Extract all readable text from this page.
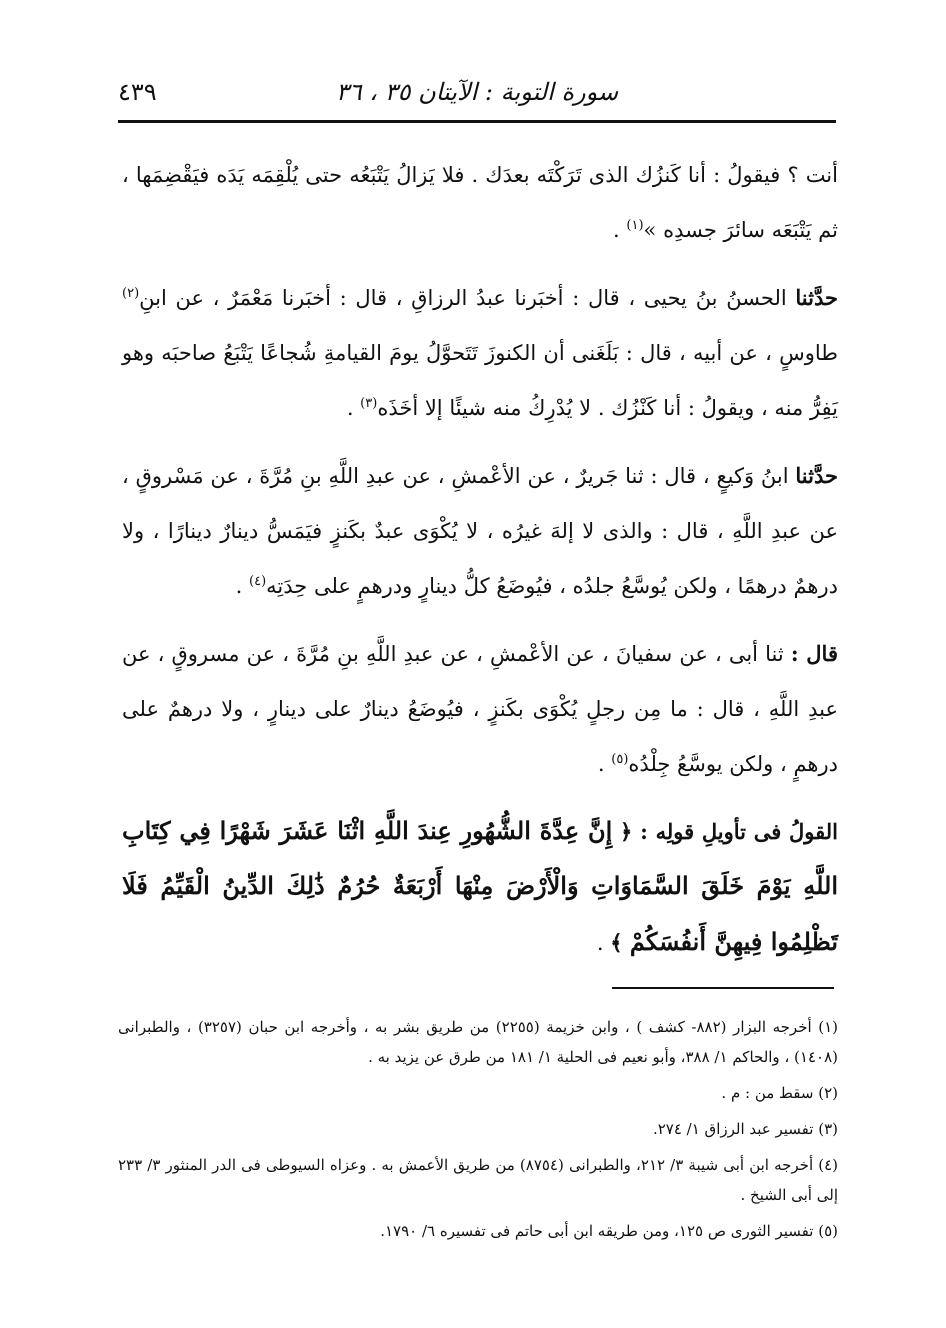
٤٣٩	سورة التوبة : الآيتان ٣٥ ، ٣٦

أنت ؟ فيقولُ : أنا كَنزُك الذى تَرَكْتَه بعدَك . فلا يَزالُ يَتْبَعُه حتى يُلْقِمَه يَدَه فيَقْضِمَها ، ثم يَتْبَعَه سائرَ جسدِه »$^{(١)}$ .

حدَّثنا الحسنُ بنُ يحيى ، قال : أخبَرنا عبدُ الرزاقِ ، قال : أخبَرنا مَعْمَرٌ ، عن ابنِ$^{(٢)}$ طاوسٍ ، عن أبيه ، قال : بَلَغَنى أن الكنوزَ تَتَحوَّلُ يومَ القيامةِ شُجاعًا يَتْبَعُ صاحبَه وهو يَفِرُّ منه ، ويقولُ : أنا كَنْزُك . لا يُدْرِكُ منه شيئًا إلا أخَذَه$^{(٣)}$ .

حدَّثنا ابنُ وَكيعٍ ، قال : ثنا جَريرٌ ، عن الأعْمشِ ، عن عبدِ اللَّهِ بنِ مُرَّةَ ، عن مَسْروقٍ ، عن عبدِ اللَّهِ ، قال : والذى لا إلهَ غيرُه ، لا يُكْوَى عبدٌ بكَنزٍ فيَمَسُّ دينارٌ دينارًا ، ولا درهمٌ درهمًا ، ولكن يُوسَّعُ جلدُه ، فيُوضَعُ كلُّ دينارٍ ودرهمٍ على حِدَتِه$^{(٤)}$ .

قال : ثنا أبى ، عن سفيانَ ، عن الأعْمشِ ، عن عبدِ اللَّهِ بنِ مُرَّةَ ، عن مسروقٍ ، عن عبدِ اللَّهِ ، قال : ما مِن رجلٍ يُكْوَى بكَنزٍ ، فيُوضَعُ دينارٌ على دينارٍ ، ولا درهمٌ على درهمٍ ، ولكن يوسَّعُ جِلْدُه$^{(٥)}$ .

القولُ فى تأويلِ قولِه : ﴿ إِنَّ عِدَّةَ الشُّهُورِ عِندَ اللَّهِ اثْنَا عَشَرَ شَهْرًا فِي كِتَابِ اللَّهِ يَوْمَ خَلَقَ السَّمَاوَاتِ وَالْأَرْضَ مِنْهَا أَرْبَعَةٌ حُرُمٌ ذَٰلِكَ الدِّينُ الْقَيِّمُ فَلَا تَظْلِمُوا فِيهِنَّ أَنفُسَكُمْ ﴾ .

(١) أخرجه البزار (٨٨٢- كشف ) ، وابن خزيمة (٢٢٥٥) من طريق بشر به ، وأخرجه ابن حبان (٣٢٥٧) ، والطبرانى (١٤٠٨) ، والحاكم ١/ ٣٨٨، وأبو نعيم فى الحلية ١/ ١٨١ من طرق عن يزيد به .

(٢) سقط من : م .

(٣) تفسير عبد الرزاق ١/ ٢٧٤.

(٤) أخرجه ابن أبى شيبة ٣/ ٢١٢، والطبرانى (٨٧٥٤) من طريق الأعمش به . وعزاه السيوطى فى الدر المنثور ٣/ ٢٣٣ إلى أبى الشيخ .

(٥) تفسير الثورى ص ١٢٥، ومن طريقه ابن أبى حاتم فى تفسيره ٦/ ١٧٩٠.
